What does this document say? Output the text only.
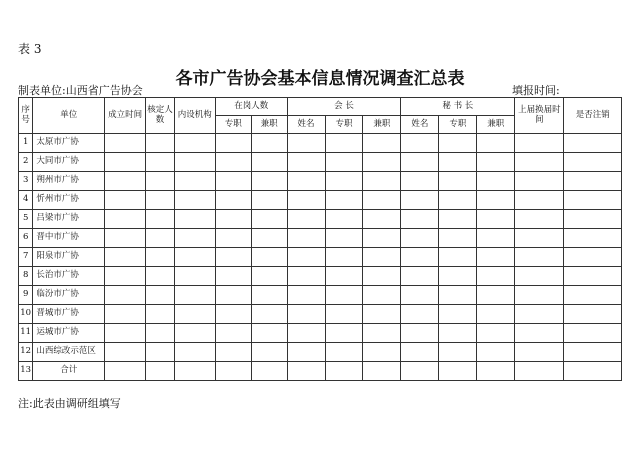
表 3
各市广告协会基本信息情况调查汇总表
制表单位:山西省广告协会	填报时间:
序号	单位	成立时间	核定人数	内设机构	在岗人数		会 长			秘 书 长			上届换届时间	是否注销
					专职	兼职	姓名	专职	兼职	姓名	专职	兼职		
1	太原市广协													
2	大同市广协													
3	朔州市广协													
4	忻州市广协													
5	吕梁市广协													
6	晋中市广协													
7	阳泉市广协													
8	长治市广协													
9	临汾市广协													
10	晋城市广协													
11	运城市广协													
12	山西综改示范区													
13	合计													
注:此表由调研组填写
